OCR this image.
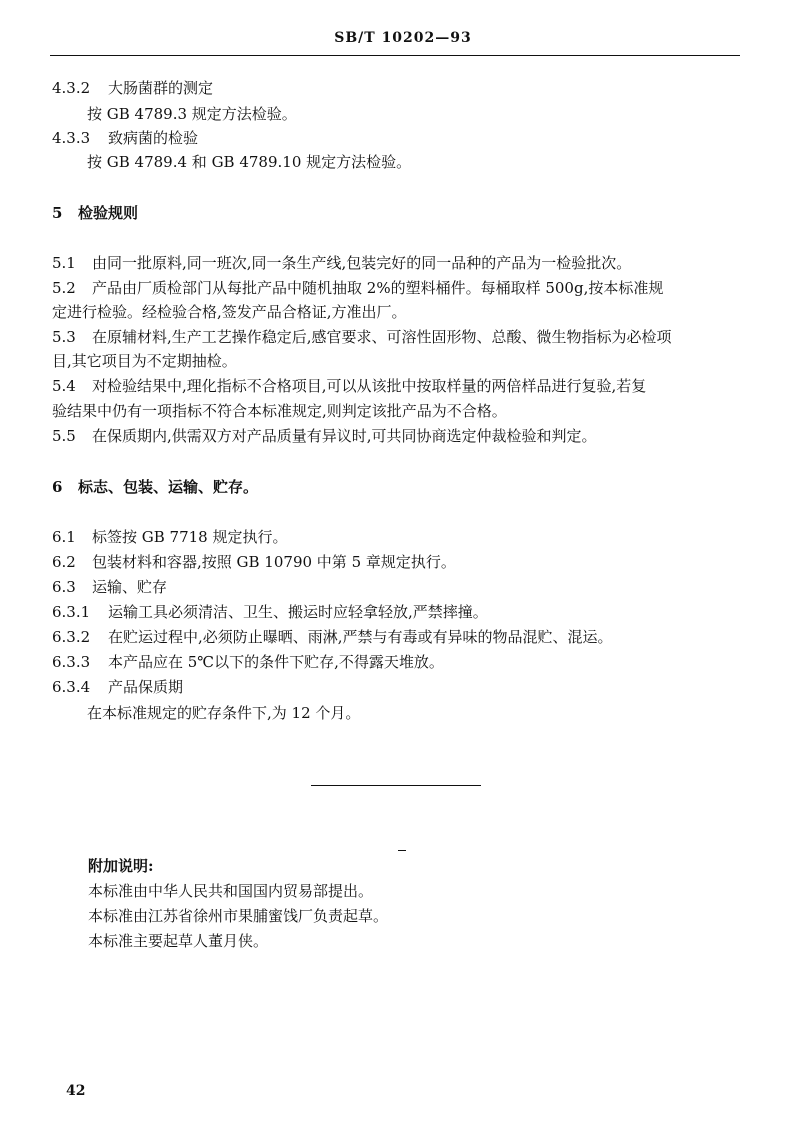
SB/T 10202—93
4.3.2 大肠菌群的测定
按 GB 4789.3 规定方法检验。
4.3.3 致病菌的检验
按 GB 4789.4 和 GB 4789.10 规定方法检验。
5 检验规则
5.1 由同一批原料,同一班次,同一条生产线,包装完好的同一品种的产品为一检验批次。
5.2 产品由厂质检部门从每批产品中随机抽取 2%的塑料桶件。每桶取样 500g,按本标准规
定进行检验。经检验合格,签发产品合格证,方准出厂。
5.3 在原辅材料,生产工艺操作稳定后,感官要求、可溶性固形物、总酸、微生物指标为必检项
目,其它项目为不定期抽检。
5.4 对检验结果中,理化指标不合格项目,可以从该批中按取样量的两倍样品进行复验,若复
验结果中仍有一项指标不符合本标准规定,则判定该批产品为不合格。
5.5 在保质期内,供需双方对产品质量有异议时,可共同协商选定仲裁检验和判定。
6 标志、包装、运输、贮存。
6.1 标签按 GB 7718 规定执行。
6.2 包装材料和容器,按照 GB 10790 中第 5 章规定执行。
6.3 运输、贮存
6.3.1 运输工具必须清洁、卫生、搬运时应轻拿轻放,严禁摔撞。
6.3.2 在贮运过程中,必须防止曝晒、雨淋,严禁与有毒或有异味的物品混贮、混运。
6.3.3 本产品应在 5℃以下的条件下贮存,不得露天堆放。
6.3.4 产品保质期
在本标准规定的贮存条件下,为 12 个月。
附加说明:
本标准由中华人民共和国国内贸易部提出。
本标准由江苏省徐州市果脯蜜饯厂负责起草。
本标准主要起草人董月侠。
42
